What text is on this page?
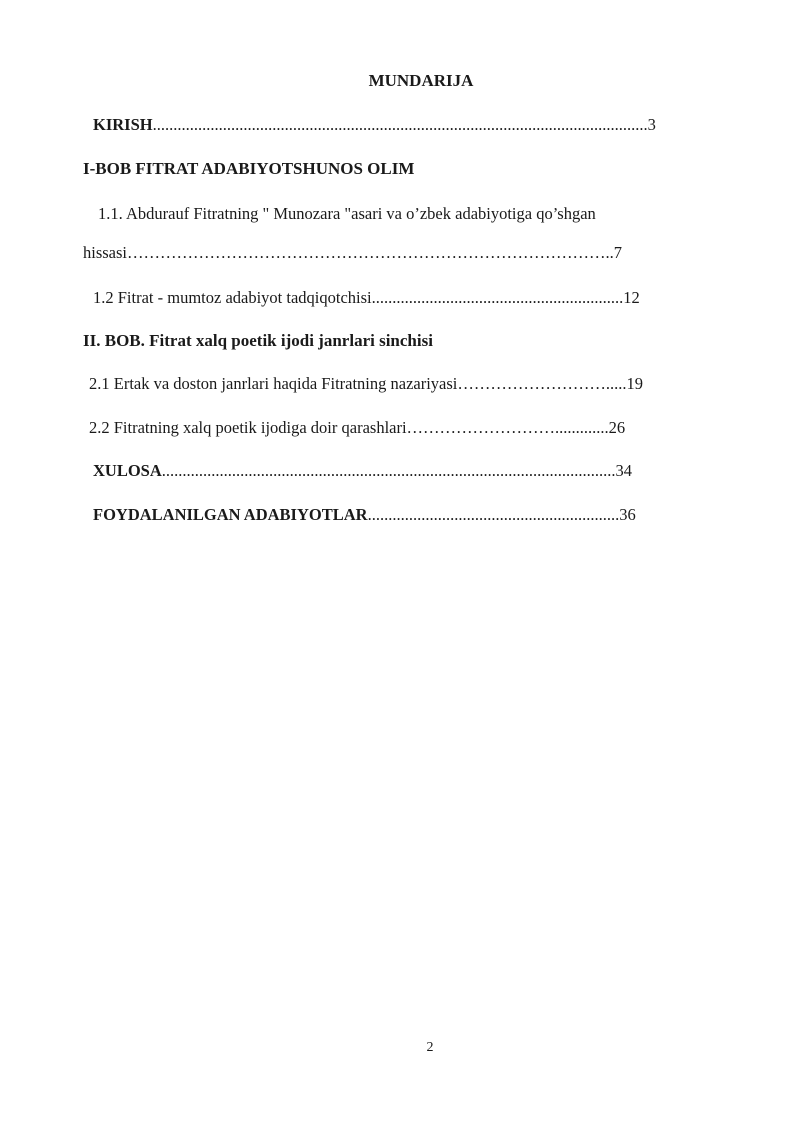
MUNDARIJA
KIRISH........................................................................................................................3
I-BOB FITRAT ADABIYOTSHUNOS OLIM
1.1. Abdurauf Fitratning " Munozara "asari va o’zbek adabiyotiga qo’shgan
hissasi……………………………………………………………………………..7
1.2 Fitrat - mumtoz adabiyot tadqiqotchisi.............................................................12
II. BOB. Fitrat xalq poetik ijodi janrlari sinchisi
2.1 Ertak va doston janrlari haqida Fitratning nazariyasi……………………….....19
2.2 Fitratning xalq poetik ijodiga doir qarashlari……………………….............26
XULOSA..............................................................................................................34
FOYDALANILGAN ADABIYOTLAR.............................................................36
2
